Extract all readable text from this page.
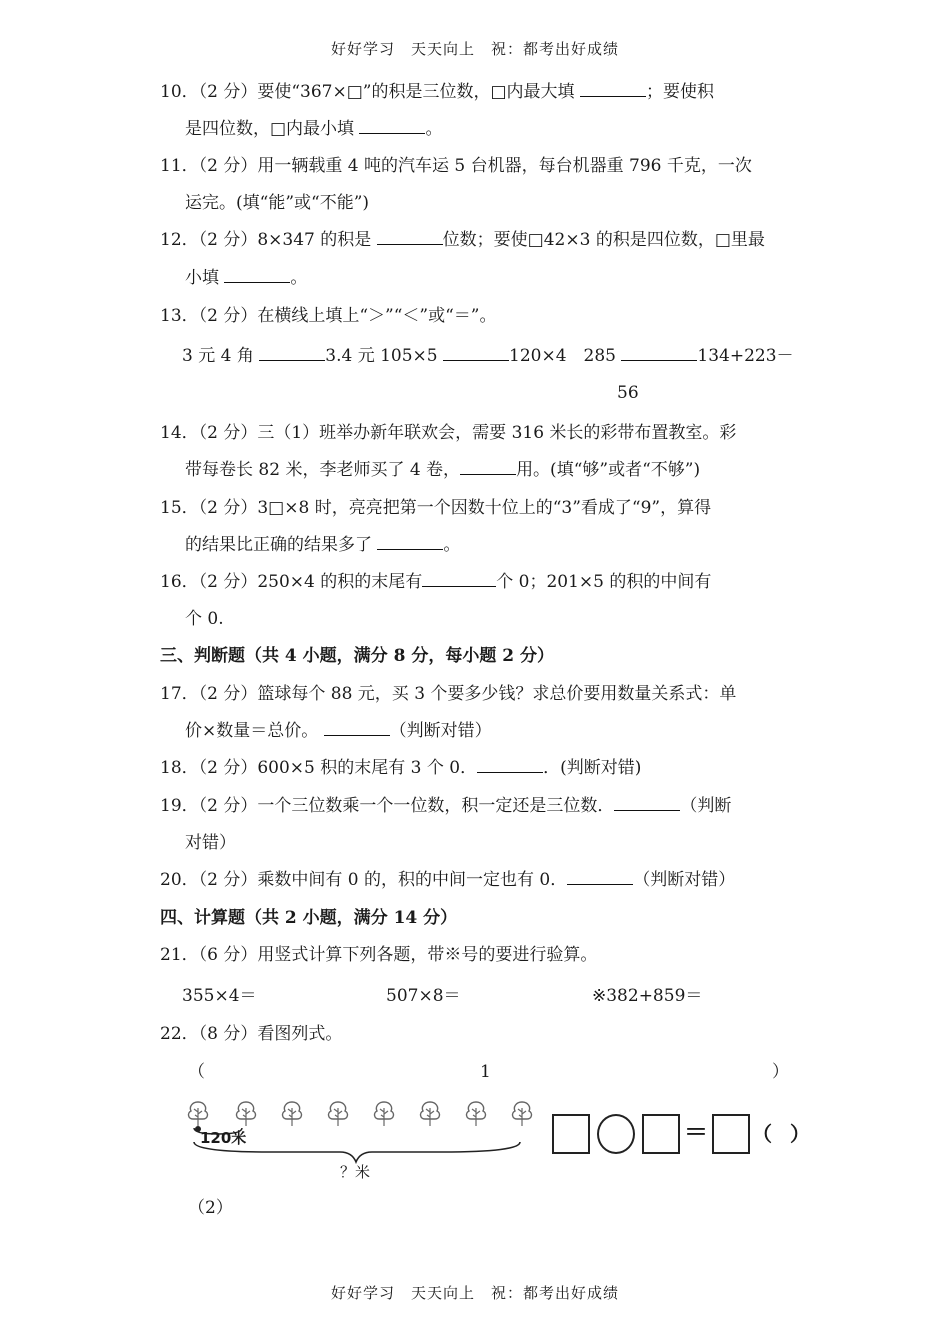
好好学习　天天向上　祝：都考出好成绩
10．（2 分）要使“367×□”的积是三位数，□内最大填	；要使积
是四位数，□内最小填	。
11．（2 分）用一辆载重 4 吨的汽车运 5 台机器，每台机器重 796 千克，一次
运完。(填“能”或“不能”)
12．（2 分）8×347 的积是	位数；要使□42×3 的积是四位数，□里最
小填	。
13．（2 分）在横线上填上“＞”“＜”或“＝”。
3 元 4 角	3.4 元 105×5	120×4　285	134+223－
56
14．（2 分）三（1）班举办新年联欢会，需要 316 米长的彩带布置教室。彩
带每卷长 82 米，李老师买了 4 卷，	用。(填“够”或者“不够”)
15．（2 分）3□×8 时，亮亮把第一个因数十位上的“3”看成了“9”，算得
的结果比正确的结果多了	。
16．（2 分）250×4 的积的末尾有	个 0；201×5 的积的中间有
个 0.
三、判断题（共 4 小题，满分 8 分，每小题 2 分）
17．（2 分）篮球每个 88 元，买 3 个要多少钱？求总价要用数量关系式：单
价×数量＝总价。	（判断对错）
18．（2 分）600×5 积的末尾有 3 个 0．	．(判断对错)
19．（2 分）一个三位数乘一个一位数，积一定还是三位数．	（判断
对错）
20．（2 分）乘数中间有 0 的，积的中间一定也有 0．	（判断对错）
四、计算题（共 2 小题，满分 14 分）
21．（6 分）用竖式计算下列各题，带※号的要进行验算。
355×4＝	507×8＝	※382+859＝
22．（8 分）看图列式。
（	1	）
120米
？米
＝ （ ）
（2）
好好学习　天天向上　祝：都考出好成绩
